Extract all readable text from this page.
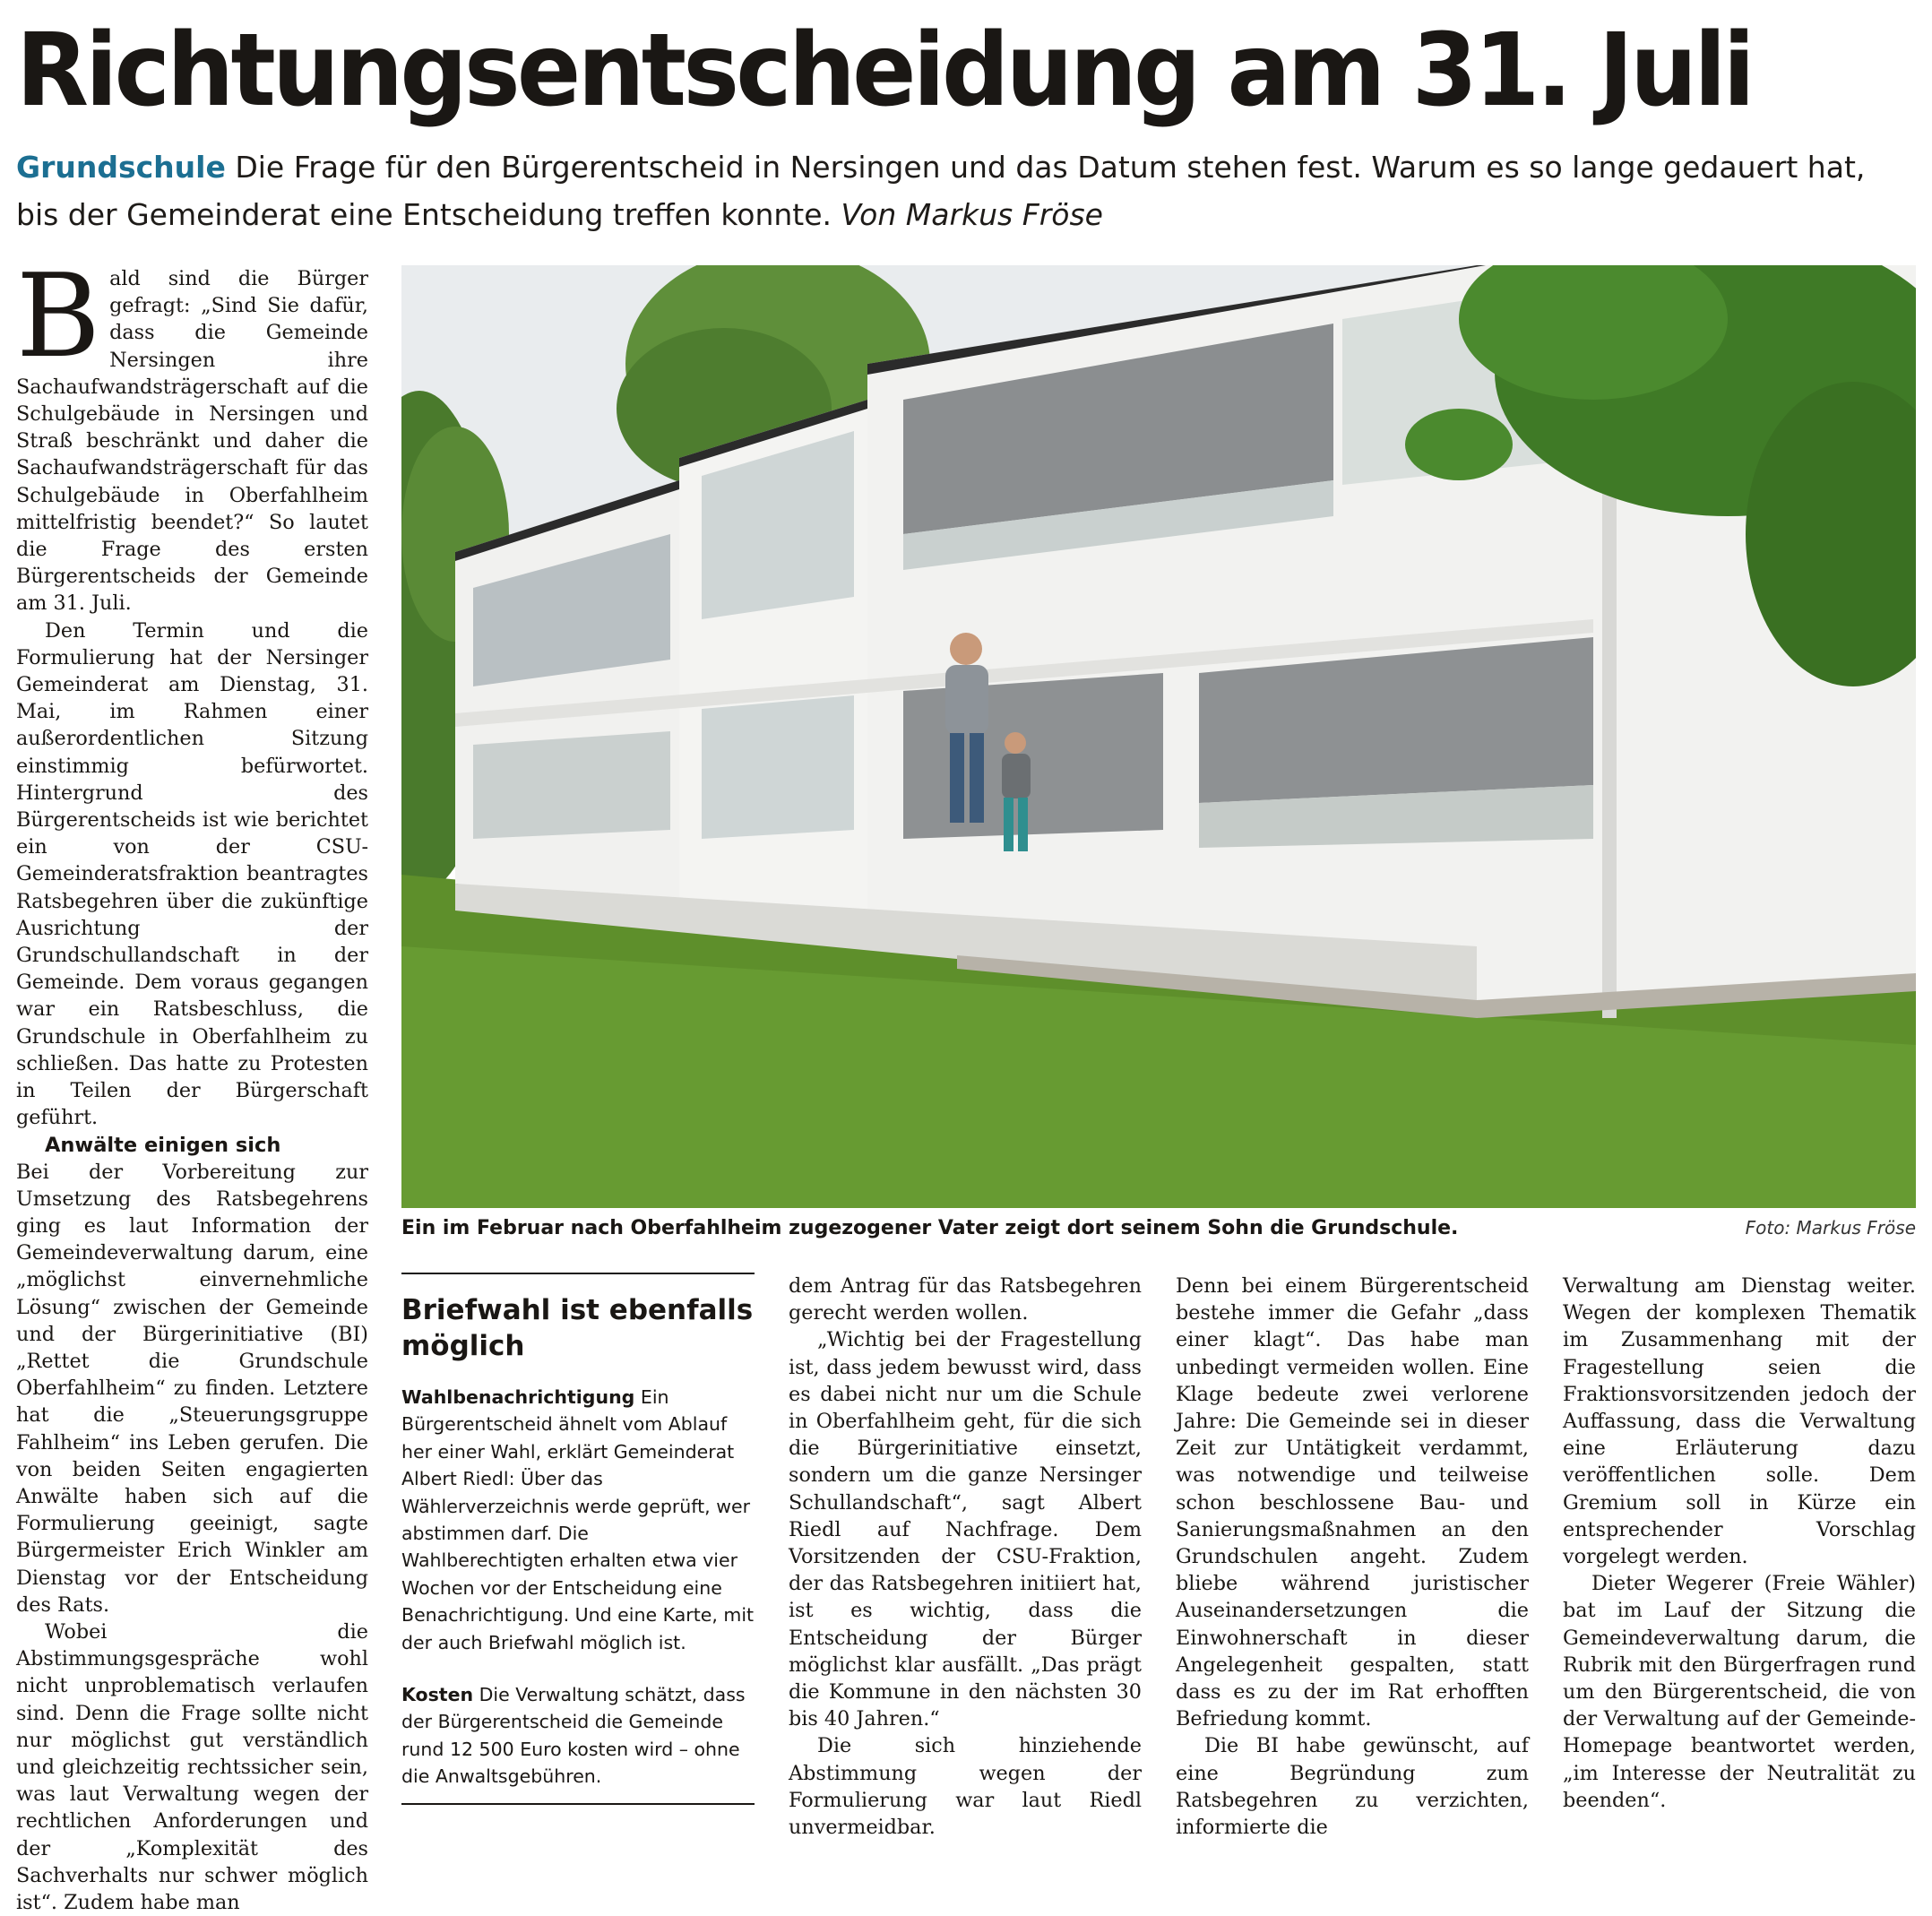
Richtungsentscheidung am 31. Juli
Grundschule Die Frage für den Bürgerentscheid in Nersingen und das Datum stehen fest. Warum es so lange gedauert hat, bis der Gemeinderat eine Entscheidung treffen konnte. Von Markus Fröse

Bald sind die Bürger gefragt: „Sind Sie dafür, dass die Gemeinde Nersingen ihre Sachaufwandsträgerschaft auf die Schulgebäude in Nersingen und Straß beschränkt und daher die Sachaufwandsträgerschaft für das Schulgebäude in Oberfahlheim mittelfristig beendet?“ So lautet die Frage des ersten Bürgerentscheids der Gemeinde am 31. Juli.

Den Termin und die Formulierung hat der Nersinger Gemeinderat am Dienstag, 31. Mai, im Rahmen einer außerordentlichen Sitzung einstimmig befürwortet. Hintergrund des Bürgerentscheids ist wie berichtet ein von der CSU-Gemeinderatsfraktion beantragtes Ratsbegehren über die zukünftige Ausrichtung der Grundschullandschaft in der Gemeinde. Dem voraus gegangen war ein Ratsbeschluss, die Grundschule in Oberfahlheim zu schließen. Das hatte zu Protesten in Teilen der Bürgerschaft geführt.

Anwälte einigen sich

Bei der Vorbereitung zur Umsetzung des Ratsbegehrens ging es laut Information der Gemeindeverwaltung darum, eine „möglichst einvernehmliche Lösung“ zwischen der Gemeinde und der Bürgerinitiative (BI) „Rettet die Grundschule Oberfahlheim“ zu finden. Letztere hat die „Steuerungsgruppe Fahlheim“ ins Leben gerufen. Die von beiden Seiten engagierten Anwälte haben sich auf die Formulierung geeinigt, sagte Bürgermeister Erich Winkler am Dienstag vor der Entscheidung des Rats.

Wobei die Abstimmungsgespräche wohl nicht unproblematisch verlaufen sind. Denn die Frage sollte nicht nur möglichst gut verständlich und gleichzeitig rechtssicher sein, was laut Verwaltung wegen der rechtlichen Anforderungen und der „Komplexität des Sachverhalts nur schwer möglich ist“. Zudem habe man

Ein im Februar nach Oberfahlheim zugezogener Vater zeigt dort seinem Sohn die Grundschule.	Foto: Markus Fröse
Briefwahl ist ebenfalls möglich

Wahlbenachrichtigung Ein Bürgerentscheid ähnelt vom Ablauf her einer Wahl, erklärt Gemeinderat Albert Riedl: Über das Wählerverzeichnis werde geprüft, wer abstimmen darf. Die Wahlberechtigten erhalten etwa vier Wochen vor der Entscheidung eine Benachrichtigung. Und eine Karte, mit der auch Briefwahl möglich ist.

Kosten Die Verwaltung schätzt, dass der Bürgerentscheid die Gemeinde rund 12 500 Euro kosten wird – ohne die Anwaltsgebühren.

dem Antrag für das Ratsbegehren gerecht werden wollen.

„Wichtig bei der Fragestellung ist, dass jedem bewusst wird, dass es dabei nicht nur um die Schule in Oberfahlheim geht, für die sich die Bürgerinitiative einsetzt, sondern um die ganze Nersinger Schullandschaft“, sagt Albert Riedl auf Nachfrage. Dem Vorsitzenden der CSU-Fraktion, der das Ratsbegehren initiiert hat, ist es wichtig, dass die Entscheidung der Bürger möglichst klar ausfällt. „Das prägt die Kommune in den nächsten 30 bis 40 Jahren.“

Die sich hinziehende Abstimmung wegen der Formulierung war laut Riedl unvermeidbar.

Denn bei einem Bürgerentscheid bestehe immer die Gefahr „dass einer klagt“. Das habe man unbedingt vermeiden wollen. Eine Klage bedeute zwei verlorene Jahre: Die Gemeinde sei in dieser Zeit zur Untätigkeit verdammt, was notwendige und teilweise schon beschlossene Bau- und Sanierungsmaßnahmen an den Grundschulen angeht. Zudem bliebe während juristischer Auseinandersetzungen die Einwohnerschaft in dieser Angelegenheit gespalten, statt dass es zu der im Rat erhofften Befriedung kommt.

Die BI habe gewünscht, auf eine Begründung zum Ratsbegehren zu verzichten, informierte die

Verwaltung am Dienstag weiter. Wegen der komplexen Thematik im Zusammenhang mit der Fragestellung seien die Fraktionsvorsitzenden jedoch der Auffassung, dass die Verwaltung eine Erläuterung dazu veröffentlichen solle. Dem Gremium soll in Kürze ein entsprechender Vorschlag vorgelegt werden.

Dieter Wegerer (Freie Wähler) bat im Lauf der Sitzung die Gemeindeverwaltung darum, die Rubrik mit den Bürgerfragen rund um den Bürgerentscheid, die von der Verwaltung auf der Gemeinde-Homepage beantwortet werden, „im Interesse der Neutralität zu beenden“.
